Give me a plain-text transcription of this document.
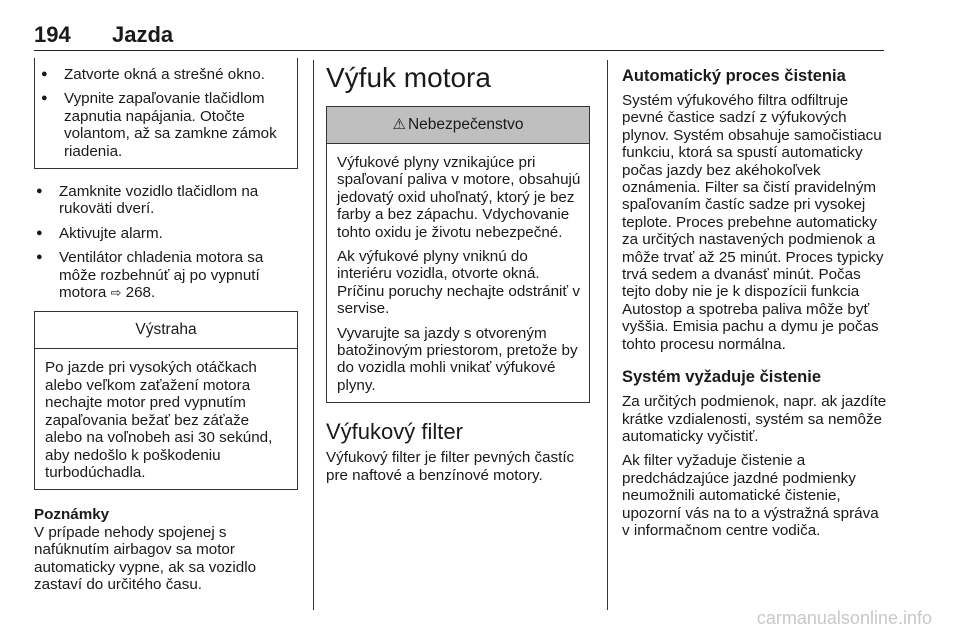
194 Jazda
● Zatvorte okná a strešné okno.
● Vypnite zapaľovanie tlačidlom zapnutia napájania. Otočte volantom, až sa zamkne zámok riadenia.
● Zamknite vozidlo tlačidlom na rukoväti dverí.
● Aktivujte alarm.
● Ventilátor chladenia motora sa môže rozbehnúť aj po vypnutí motora ⇨ 268.
Výstraha

Po jazde pri vysokých otáčkach alebo veľkom zaťažení motora nechajte motor pred vypnutím zapaľovania bežať bez záťaže alebo na voľnobeh asi 30 sekúnd, aby nedošlo k poškodeniu turbodúchadla.

Poznámky

V prípade nehody spojenej s nafúknutím airbagov sa motor automaticky vypne, ak sa vozidlo zastaví do určitého času.

Výfuk motora
⚠ Nebezpečenstvo

Výfukové plyny vznikajúce pri spaľovaní paliva v motore, obsahujú jedovatý oxid uhoľnatý, ktorý je bez farby a bez zápachu. Vdychovanie tohto oxidu je životu nebezpečné.

Ak výfukové plyny vniknú do interiéru vozidla, otvorte okná. Príčinu poruchy nechajte odstrániť v servise.

Vyvarujte sa jazdy s otvoreným batožinovým priestorom, pretože by do vozidla mohli vnikať výfukové plyny.

Výfukový filter

Výfukový filter je filter pevných častíc pre naftové a benzínové motory.

Automatický proces čistenia

Systém výfukového filtra odfiltruje pevné častice sadzí z výfukových plynov. Systém obsahuje samočistiacu funkciu, ktorá sa spustí automaticky počas jazdy bez akéhokoľvek oznámenia. Filter sa čistí pravidelným spaľovaním častíc sadze pri vysokej teplote. Proces prebehne automaticky za určitých nastavených podmienok a môže trvať až 25 minút. Proces typicky trvá sedem a dvanásť minút. Počas tejto doby nie je k dispozícii funkcia Autostop a spotreba paliva môže byť vyššia. Emisia pachu a dymu je počas tohto procesu normálna.

Systém vyžaduje čistenie

Za určitých podmienok, napr. ak jazdíte krátke vzdialenosti, systém sa nemôže automaticky vyčistiť.

Ak filter vyžaduje čistenie a predchádzajúce jazdné podmienky neumožnili automatické čistenie, upozorní vás na to a výstražná správa v informačnom centre vodiča.

carmanualsonline.info
